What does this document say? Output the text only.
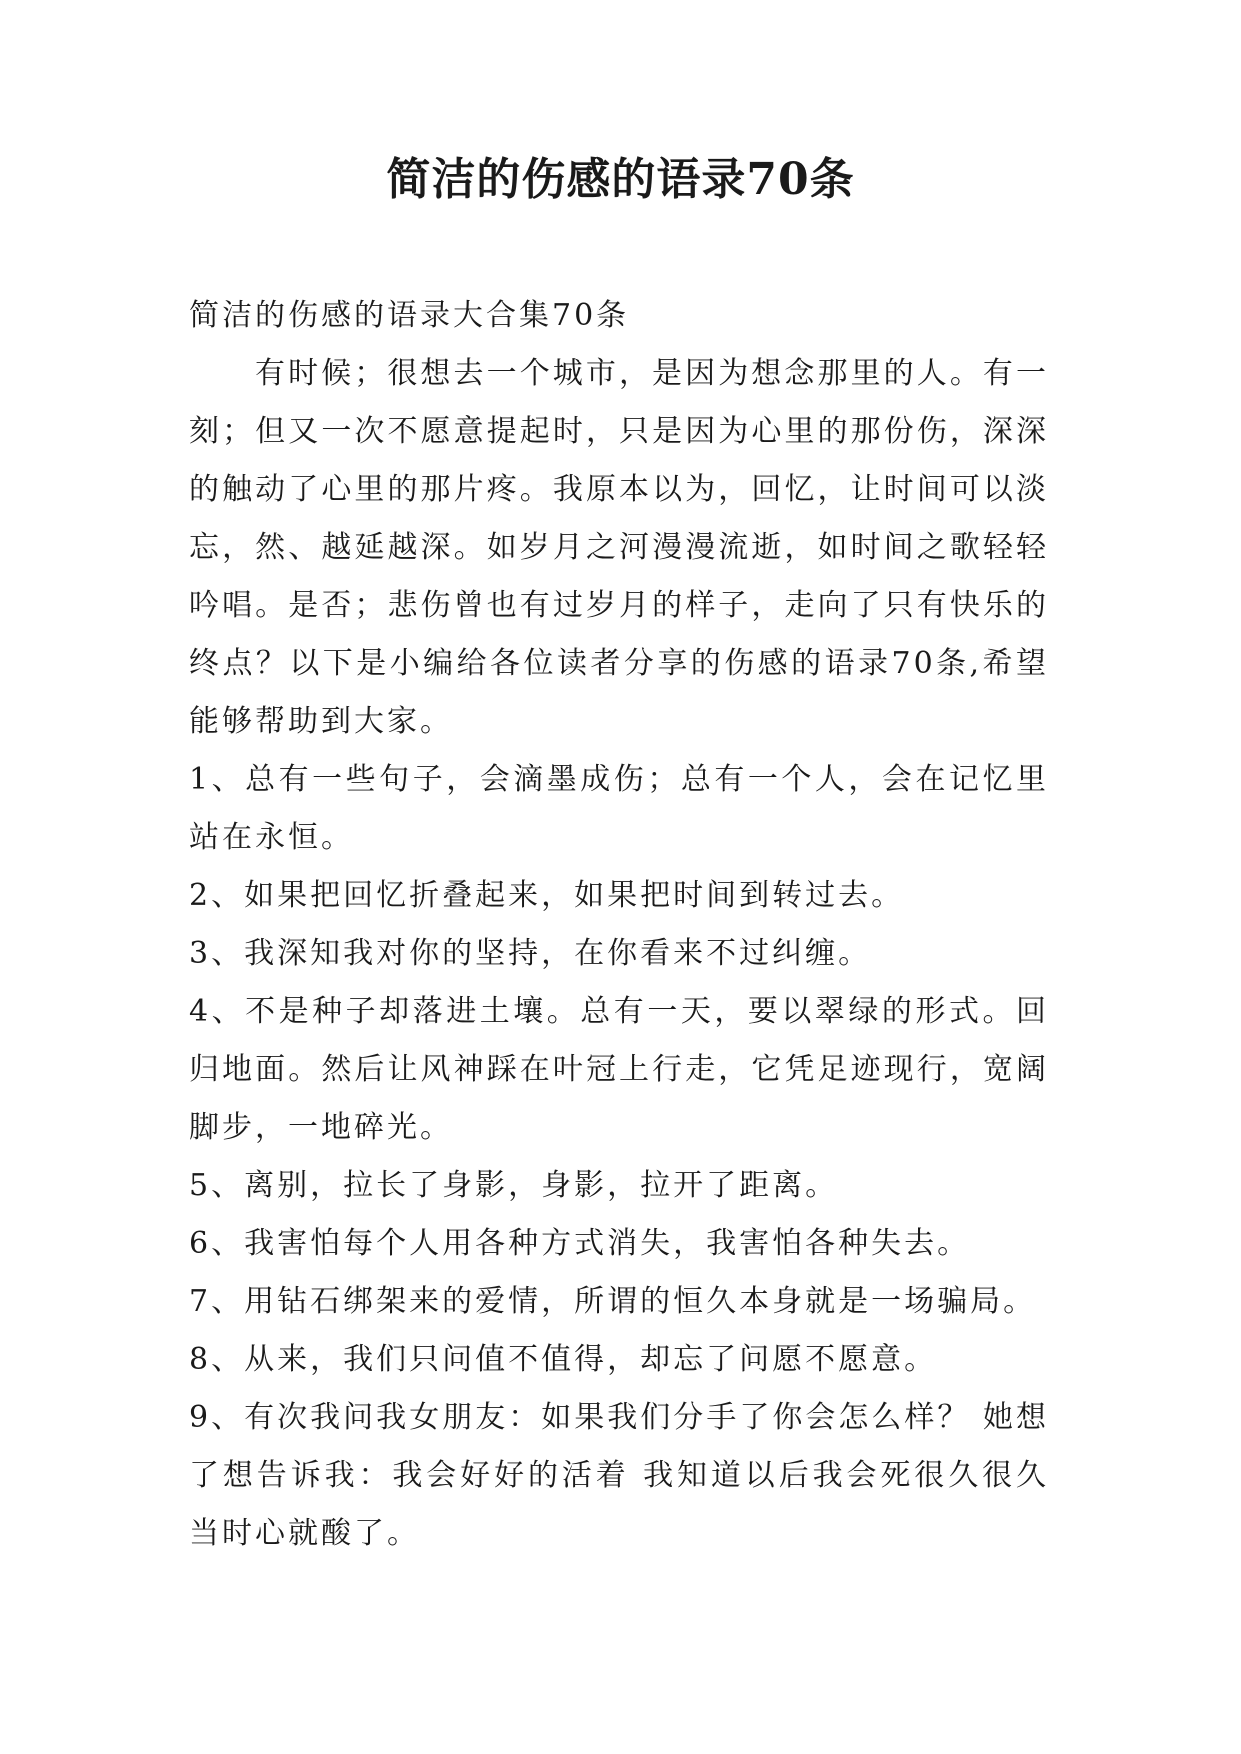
简洁的伤感的语录70条

简洁的伤感的语录大合集70条

有时候；很想去一个城市，是因为想念那里的人。有一刻；但又一次不愿意提起时，只是因为心里的那份伤，深深的触动了心里的那片疼。我原本以为，回忆，让时间可以淡忘，然、越延越深。如岁月之河漫漫流逝，如时间之歌轻轻吟唱。是否；悲伤曾也有过岁月的样子，走向了只有快乐的终点？以下是小编给各位读者分享的伤感的语录70条,希望能够帮助到大家。

1、总有一些句子，会滴墨成伤；总有一个人，会在记忆里站在永恒。

2、如果把回忆折叠起来，如果把时间到转过去。

3、我深知我对你的坚持，在你看来不过纠缠。

4、不是种子却落进土壤。总有一天，要以翠绿的形式。回归地面。然后让风神踩在叶冠上行走，它凭足迹现行，宽阔脚步，一地碎光。

5、离别，拉长了身影，身影，拉开了距离。

6、我害怕每个人用各种方式消失，我害怕各种失去。

7、用钻石绑架来的爱情，所谓的恒久本身就是一场骗局。

8、从来，我们只问值不值得，却忘了问愿不愿意。

9、有次我问我女朋友：如果我们分手了你会怎么样？ 她想了想告诉我：我会好好的活着 我知道以后我会死很久很久当时心就酸了。
